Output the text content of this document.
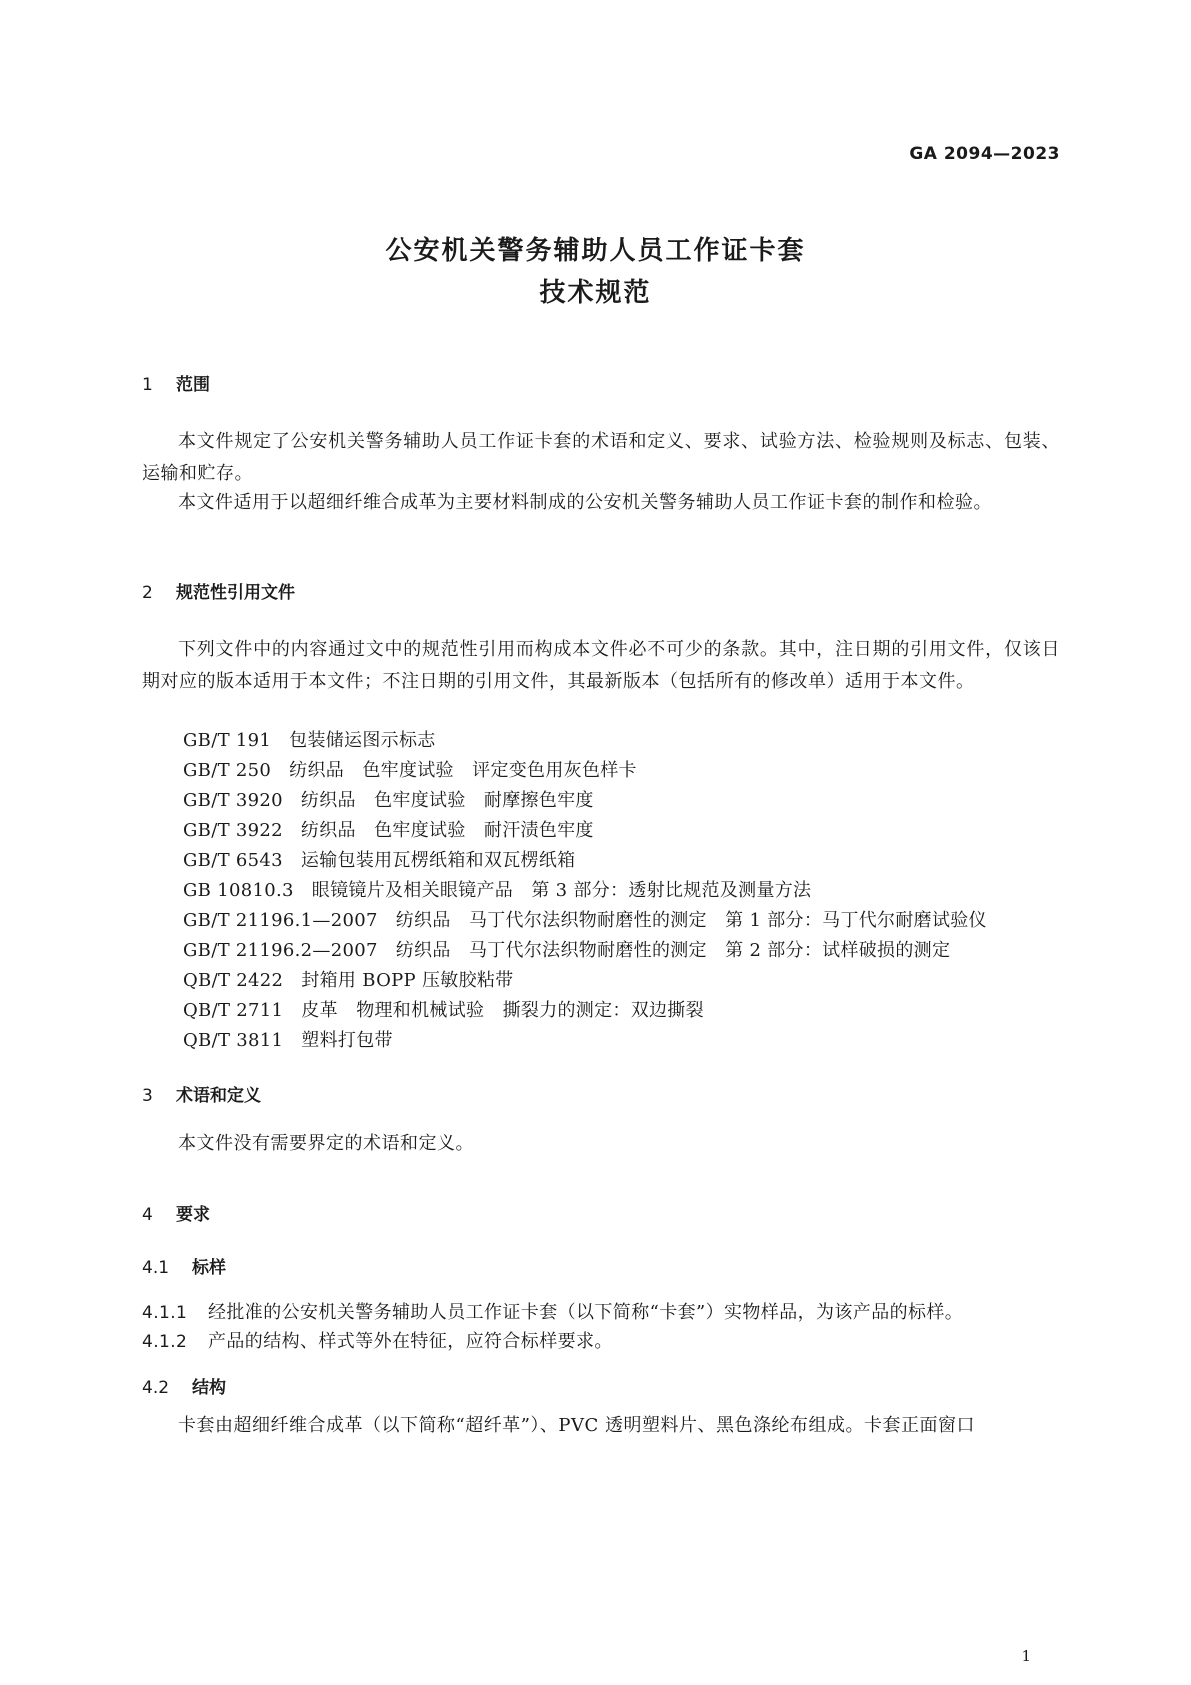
GA 2094—2023
公安机关警务辅助人员工作证卡套
技术规范
1 范围
本文件规定了公安机关警务辅助人员工作证卡套的术语和定义、要求、试验方法、检验规则及标志、包装、运输和贮存。
本文件适用于以超细纤维合成革为主要材料制成的公安机关警务辅助人员工作证卡套的制作和检验。
2 规范性引用文件
下列文件中的内容通过文中的规范性引用而构成本文件必不可少的条款。其中，注日期的引用文件，仅该日期对应的版本适用于本文件；不注日期的引用文件，其最新版本（包括所有的修改单）适用于本文件。
GB/T 191 包装储运图示标志
GB/T 250 纺织品　色牢度试验　评定变色用灰色样卡
GB/T 3920 纺织品　色牢度试验　耐摩擦色牢度
GB/T 3922 纺织品　色牢度试验　耐汗渍色牢度
GB/T 6543 运输包装用瓦楞纸箱和双瓦楞纸箱
GB 10810.3 眼镜镜片及相关眼镜产品　第 3 部分：透射比规范及测量方法
GB/T 21196.1—2007 纺织品　马丁代尔法织物耐磨性的测定　第 1 部分：马丁代尔耐磨试验仪
GB/T 21196.2—2007 纺织品　马丁代尔法织物耐磨性的测定　第 2 部分：试样破损的测定
QB/T 2422 封箱用 BOPP 压敏胶粘带
QB/T 2711 皮革　物理和机械试验　撕裂力的测定：双边撕裂
QB/T 3811 塑料打包带
3 术语和定义
本文件没有需要界定的术语和定义。
4 要求
4.1 标样
4.1.1 经批准的公安机关警务辅助人员工作证卡套（以下简称“卡套”）实物样品，为该产品的标样。
4.1.2 产品的结构、样式等外在特征，应符合标样要求。
4.2 结构
卡套由超细纤维合成革（以下简称“超纤革”）、PVC 透明塑料片、黑色涤纶布组成。卡套正面窗口
1
